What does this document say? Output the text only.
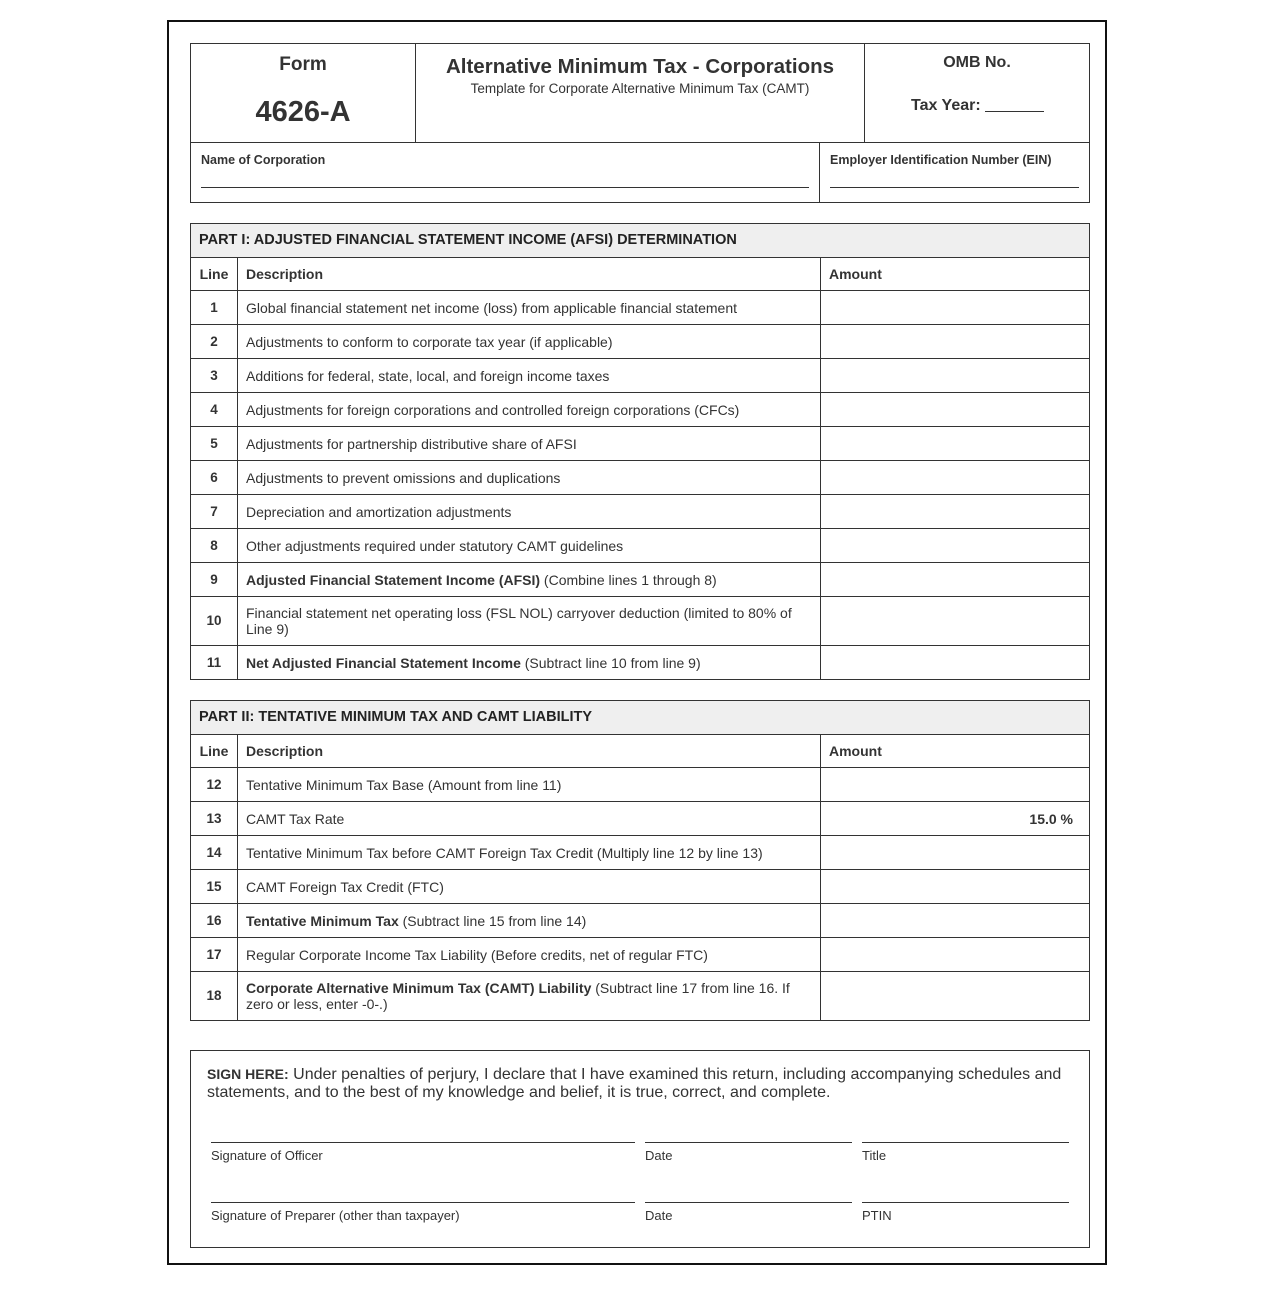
Form
4626-A
Alternative Minimum Tax - Corporations
Template for Corporate Alternative Minimum Tax (CAMT)
OMB No.
Tax Year:
Name of Corporation	Employer Identification Number (EIN)
PART I: ADJUSTED FINANCIAL STATEMENT INCOME (AFSI) DETERMINATION
Line	Description	Amount
1	Global financial statement net income (loss) from applicable financial statement	
2	Adjustments to conform to corporate tax year (if applicable)	
3	Additions for federal, state, local, and foreign income taxes	
4	Adjustments for foreign corporations and controlled foreign corporations (CFCs)	
5	Adjustments for partnership distributive share of AFSI	
6	Adjustments to prevent omissions and duplications	
7	Depreciation and amortization adjustments	
8	Other adjustments required under statutory CAMT guidelines	
9	Adjusted Financial Statement Income (AFSI) (Combine lines 1 through 8)	
10	Financial statement net operating loss (FSL NOL) carryover deduction (limited to 80% of Line 9)	
11	Net Adjusted Financial Statement Income (Subtract line 10 from line 9)	
PART II: TENTATIVE MINIMUM TAX AND CAMT LIABILITY
Line	Description	Amount
12	Tentative Minimum Tax Base (Amount from line 11)	
13	CAMT Tax Rate	15.0 %
14	Tentative Minimum Tax before CAMT Foreign Tax Credit (Multiply line 12 by line 13)	
15	CAMT Foreign Tax Credit (FTC)	
16	Tentative Minimum Tax (Subtract line 15 from line 14)	
17	Regular Corporate Income Tax Liability (Before credits, net of regular FTC)	
18	Corporate Alternative Minimum Tax (CAMT) Liability (Subtract line 17 from line 16. If zero or less, enter -0-.)	
SIGN HERE: Under penalties of perjury, I declare that I have examined this return, including accompanying schedules and statements, and to the best of my knowledge and belief, it is true, correct, and complete.
Signature of Officer	Date	Title
Signature of Preparer (other than taxpayer)	Date	PTIN
